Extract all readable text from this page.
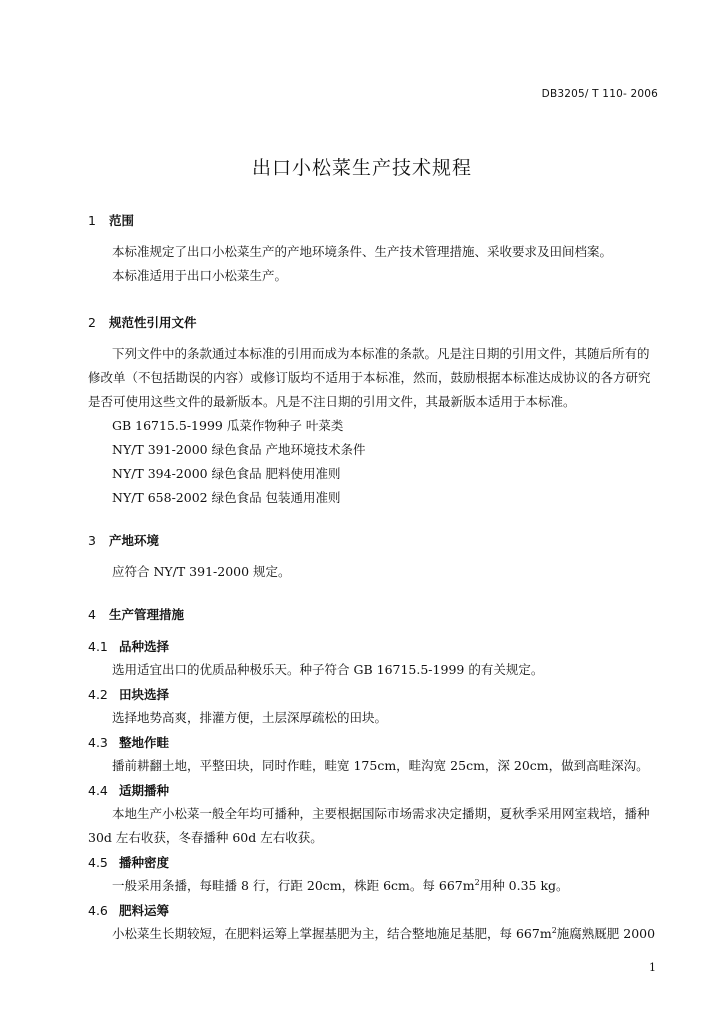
DB3205/ T 110- 2006
出口小松菜生产技术规程
1 范围
本标准规定了出口小松菜生产的产地环境条件、生产技术管理措施、采收要求及田间档案。
本标准适用于出口小松菜生产。
2 规范性引用文件
下列文件中的条款通过本标准的引用而成为本标准的条款。凡是注日期的引用文件，其随后所有的
修改单（不包括勘误的内容）或修订版均不适用于本标准，然而，鼓励根据本标准达成协议的各方研究
是否可使用这些文件的最新版本。凡是不注日期的引用文件，其最新版本适用于本标准。
GB 16715.5-1999 瓜菜作物种子 叶菜类
NY/T 391-2000 绿色食品 产地环境技术条件
NY/T 394-2000 绿色食品 肥料使用准则
NY/T 658-2002 绿色食品 包装通用准则
3 产地环境
应符合 NY/T 391-2000 规定。
4 生产管理措施
4.1 品种选择
选用适宜出口的优质品种极乐天。种子符合 GB 16715.5-1999 的有关规定。
4.2 田块选择
选择地势高爽，排灌方便，土层深厚疏松的田块。
4.3 整地作畦
播前耕翻土地，平整田块，同时作畦，畦宽 175cm，畦沟宽 25cm，深 20cm，做到高畦深沟。
4.4 适期播种
本地生产小松菜一般全年均可播种，主要根据国际市场需求决定播期，夏秋季采用网室栽培，播种
30d 左右收获，冬春播种 60d 左右收获。
4.5 播种密度
一般采用条播，每畦播 8 行，行距 20cm，株距 6cm。每 $667m^2$用种 0.35 kg。
4.6 肥料运筹
小松菜生长期较短，在肥料运筹上掌握基肥为主，结合整地施足基肥，每 $667m^2$施腐熟厩肥 2000
1
